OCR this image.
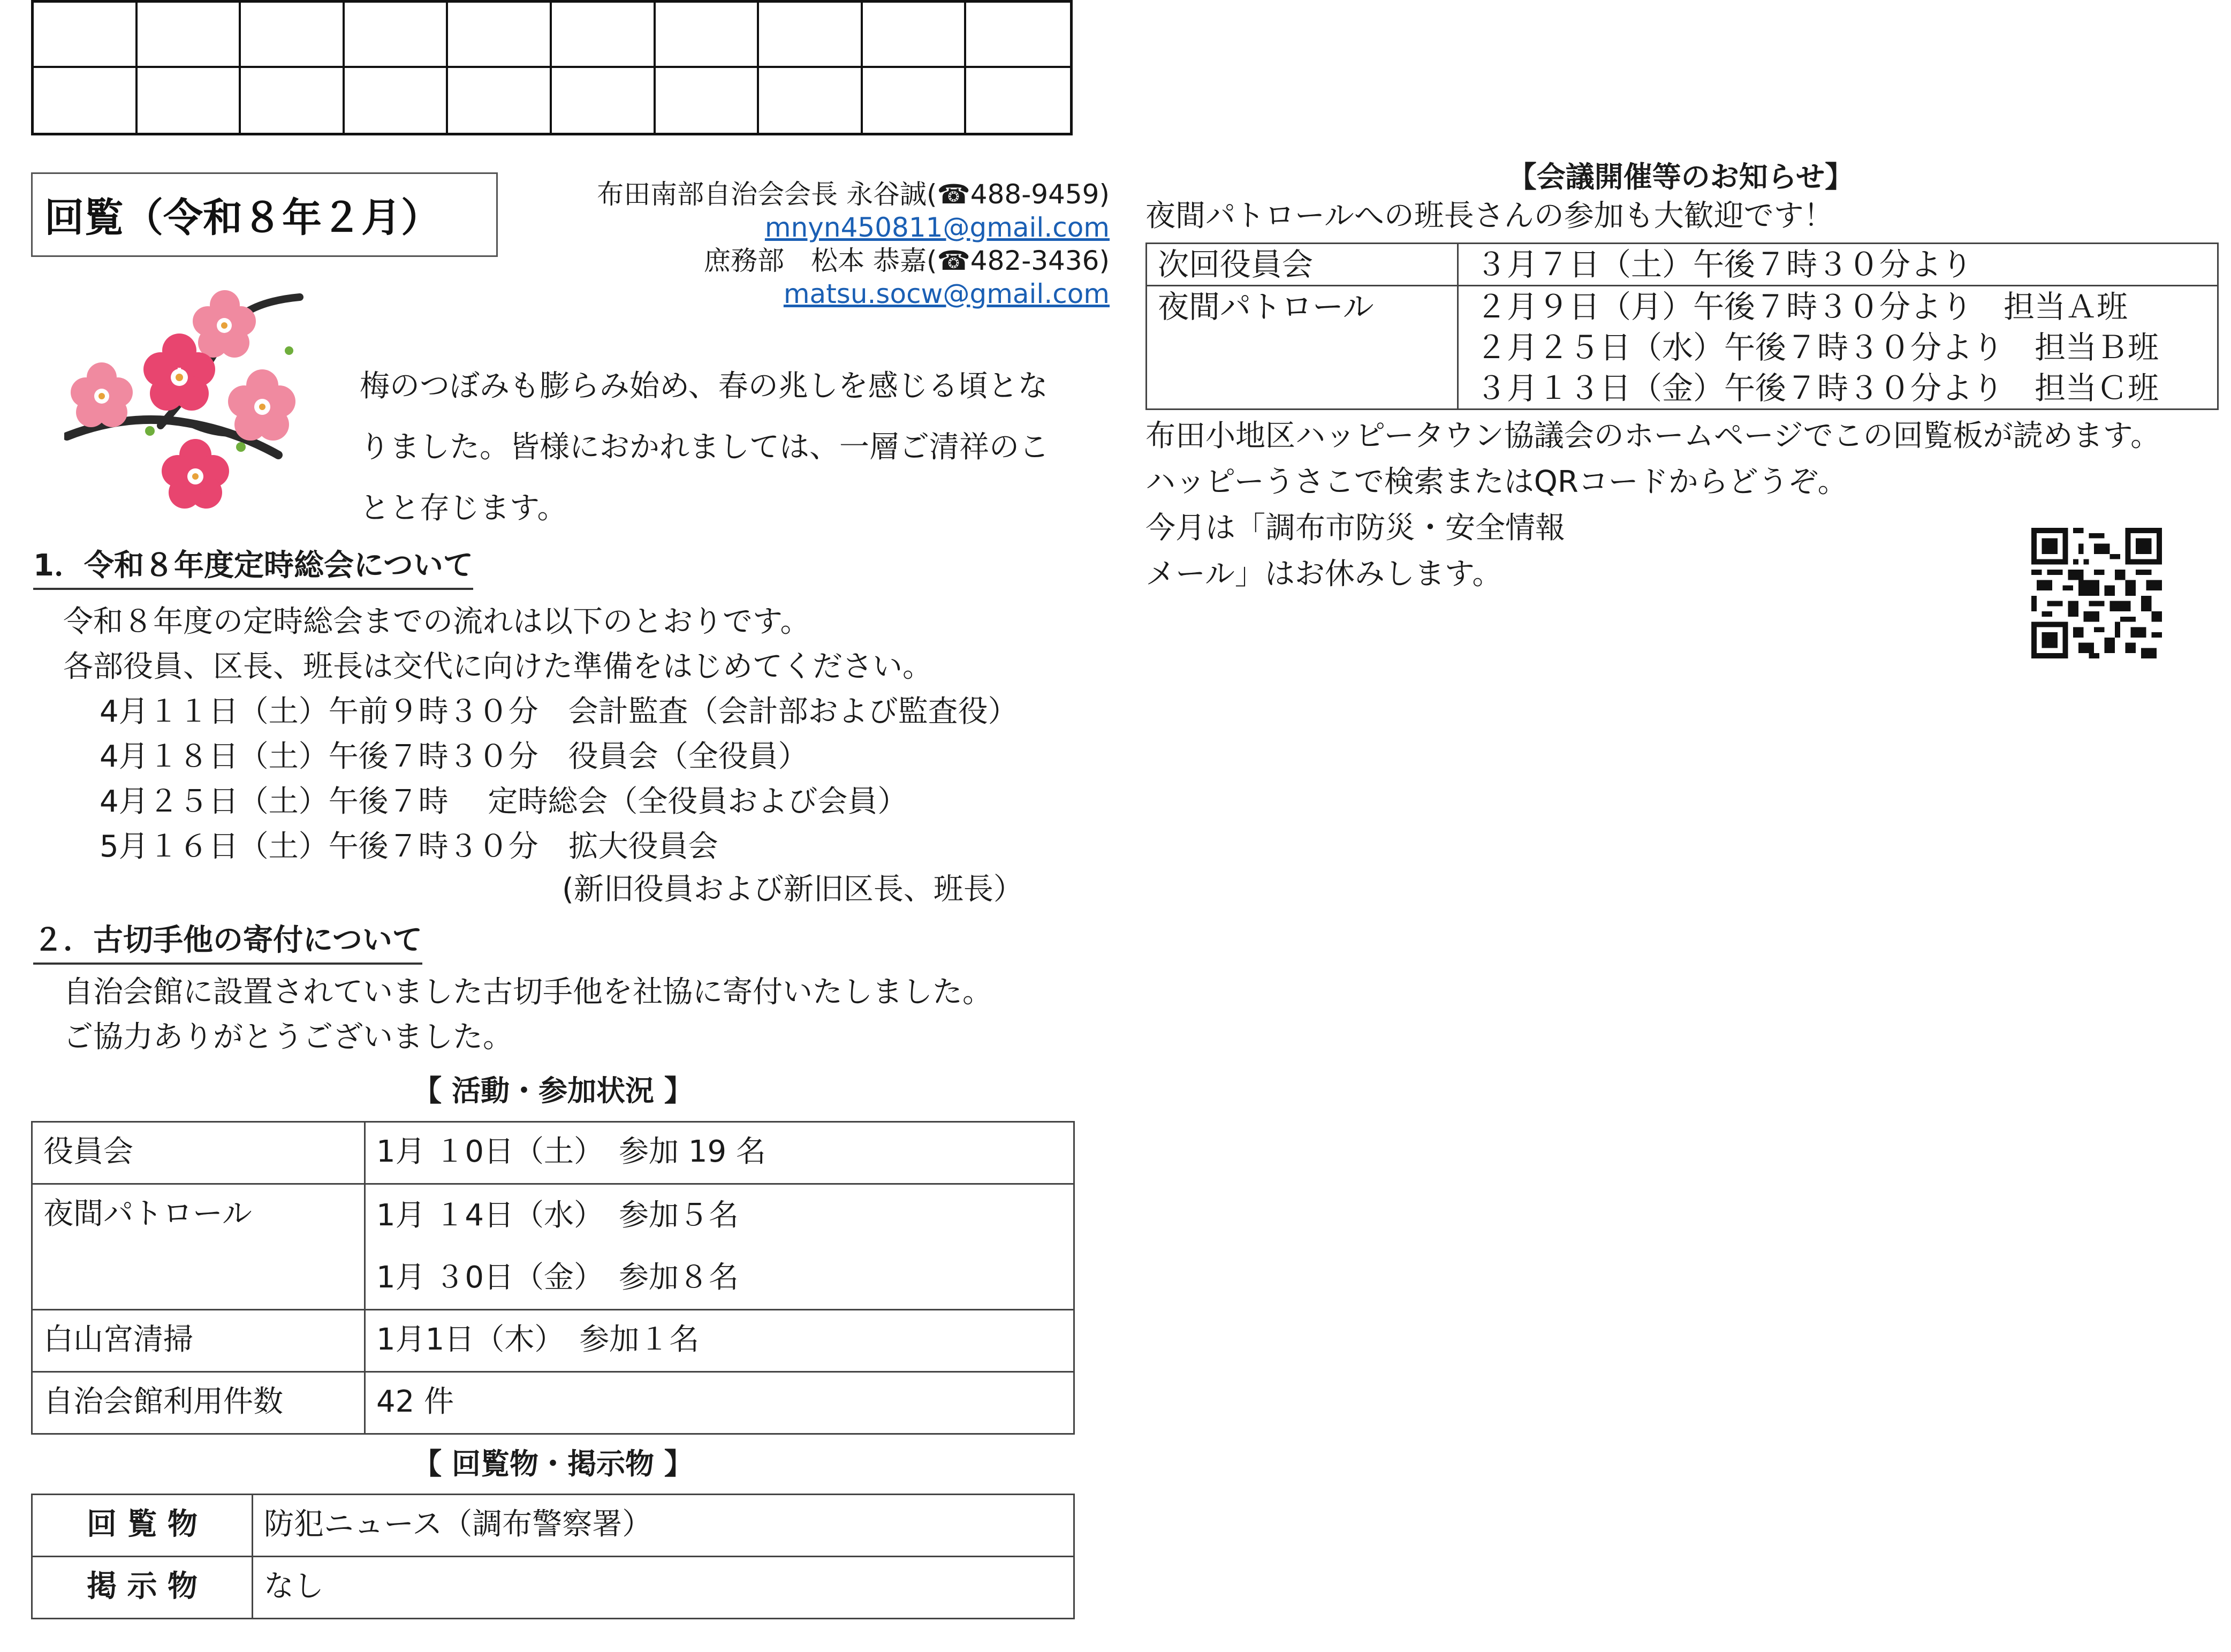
回覧（令和８年２月）
布田南部自治会会長 永谷誠(☎488-9459)
mnyn450811@gmail.com
庶務部　松本 恭嘉(☎482-3436)
matsu.socw@gmail.com
梅のつぼみも膨らみ始め、春の兆しを感じる頃となりました。皆様におかれましては、一層ご清祥のことと存じます。
1．令和８年度定時総会について
令和８年度の定時総会までの流れは以下のとおりです。
各部役員、区長、班長は交代に向けた準備をはじめてください。
4月１１日（土）午前９時３０分　会計監査（会計部および監査役）
4月１８日（土）午後７時３０分　役員会（全役員）
4月２５日（土）午後７時　 定時総会（全役員および会員）
5月１６日（土）午後７時３０分　拡大役員会
(新旧役員および新旧区長、班長）
２．古切手他の寄付について
自治会館に設置されていました古切手他を社協に寄付いたしました。
ご協力ありがとうございました。
【 活動・参加状況 】
役員会	1月 １0日（土）　参加 19 名
夜間パトロール	1月 １4日（水）　参加５名
1月 ３0日（金）　参加８名

白山宮清掃	1月1日（木）　参加１名
自治会館利用件数	42 件
【 回覧物・掲示物 】
回 覧 物	防犯ニュース（調布警察署）
掲 示 物	なし
【会議開催等のお知らせ】
夜間パトロールへの班長さんの参加も大歓迎です！
次回役員会	３月７日（土）午後７時３０分より
夜間パトロール	２月９日（月）午後７時３０分より　担当Ａ班
２月２５日（水）午後７時３０分より　担当Ｂ班
３月１３日（金）午後７時３０分より　担当Ｃ班
布田小地区ハッピータウン協議会のホームページでこの回覧板が読めます。
ハッピーうさこで検索またはQRコードからどうぞ。
今月は「調布市防災・安全情報
メール」はお休みします。
